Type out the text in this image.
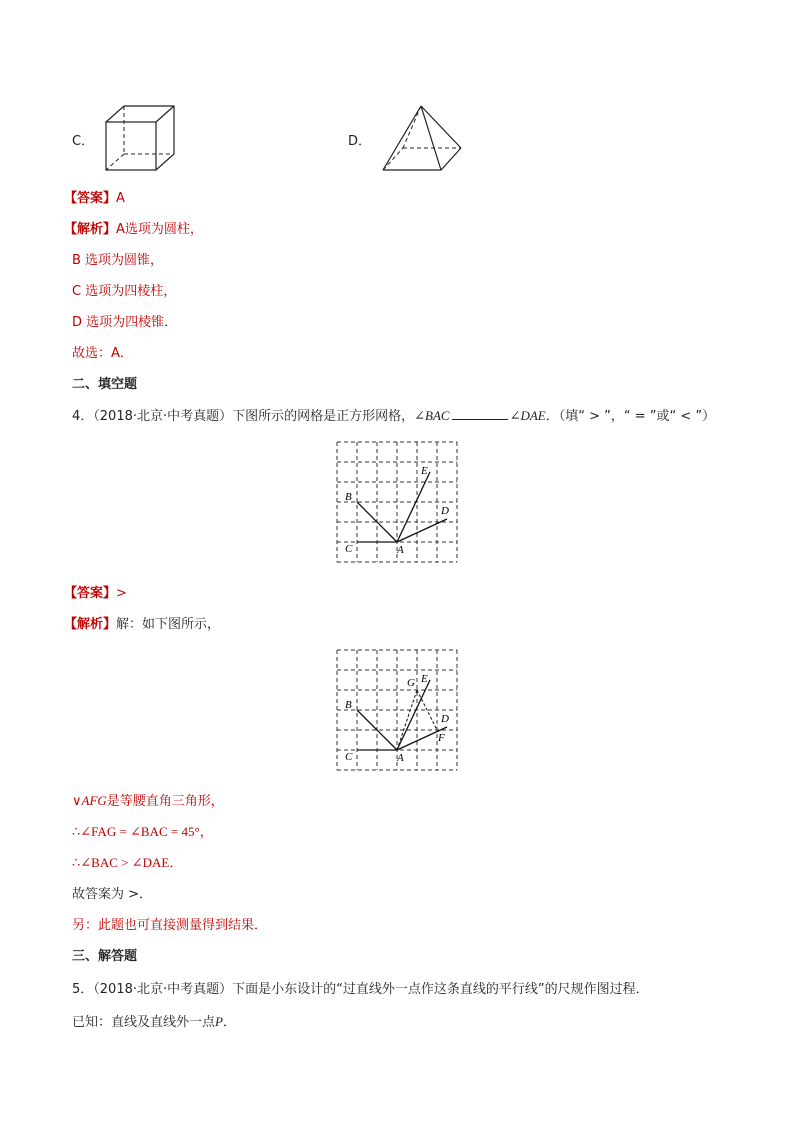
C．	D．
【答案】A
【解析】A选项为圆柱，
B 选项为圆锥，
C 选项为四棱柱，
D 选项为四棱锥．
故选：A．
二、填空题
4．（2018·北京·中考真题）下图所示的网格是正方形网格，∠BAC	∠DAE．（填“ > ”，“ = ”或“ < ”）
C
B
A
D
E
【答案】>
【解析】解：如下图所示，
C
B
A
D
E
G
F
∨AFG是等腰直角三角形，
∴∠FAG = ∠BAC = 45°，
∴∠BAC > ∠DAE．
故答案为 >．
另：此题也可直接测量得到结果．
三、解答题
5．（2018·北京·中考真题）下面是小东设计的“过直线外一点作这条直线的平行线”的尺规作图过程．
已知：直线及直线外一点P．
